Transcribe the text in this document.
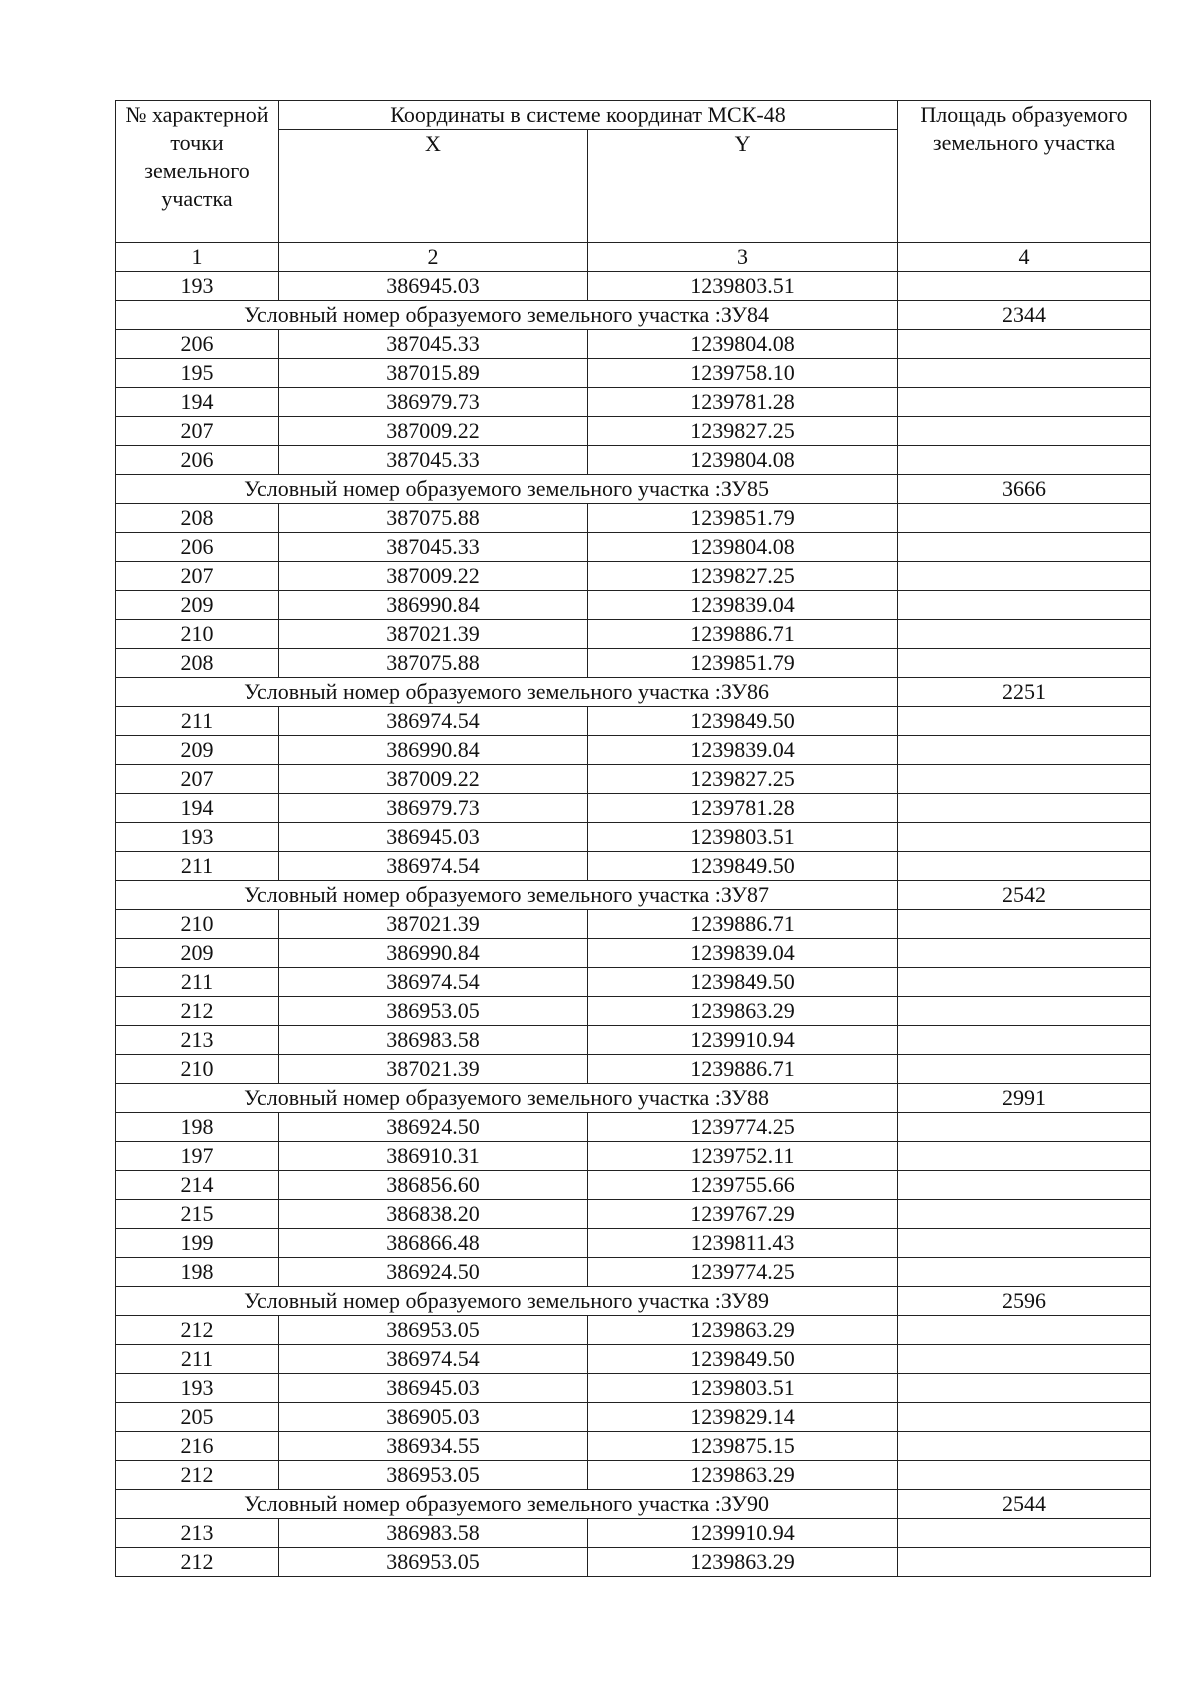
№ характерной точки земельного участка	Координаты в системе координат МСК-48		Площадь образуемого земельного участка
	X	Y	
1	2	3	4
193	386945.03	1239803.51	
Условный номер образуемого земельного участка :ЗУ84			2344
206	387045.33	1239804.08	
195	387015.89	1239758.10	
194	386979.73	1239781.28	
207	387009.22	1239827.25	
206	387045.33	1239804.08	
Условный номер образуемого земельного участка :ЗУ85			3666
208	387075.88	1239851.79	
206	387045.33	1239804.08	
207	387009.22	1239827.25	
209	386990.84	1239839.04	
210	387021.39	1239886.71	
208	387075.88	1239851.79	
Условный номер образуемого земельного участка :ЗУ86			2251
211	386974.54	1239849.50	
209	386990.84	1239839.04	
207	387009.22	1239827.25	
194	386979.73	1239781.28	
193	386945.03	1239803.51	
211	386974.54	1239849.50	
Условный номер образуемого земельного участка :ЗУ87			2542
210	387021.39	1239886.71	
209	386990.84	1239839.04	
211	386974.54	1239849.50	
212	386953.05	1239863.29	
213	386983.58	1239910.94	
210	387021.39	1239886.71	
Условный номер образуемого земельного участка :ЗУ88			2991
198	386924.50	1239774.25	
197	386910.31	1239752.11	
214	386856.60	1239755.66	
215	386838.20	1239767.29	
199	386866.48	1239811.43	
198	386924.50	1239774.25	
Условный номер образуемого земельного участка :ЗУ89			2596
212	386953.05	1239863.29	
211	386974.54	1239849.50	
193	386945.03	1239803.51	
205	386905.03	1239829.14	
216	386934.55	1239875.15	
212	386953.05	1239863.29	
Условный номер образуемого земельного участка :ЗУ90			2544
213	386983.58	1239910.94	
212	386953.05	1239863.29	
